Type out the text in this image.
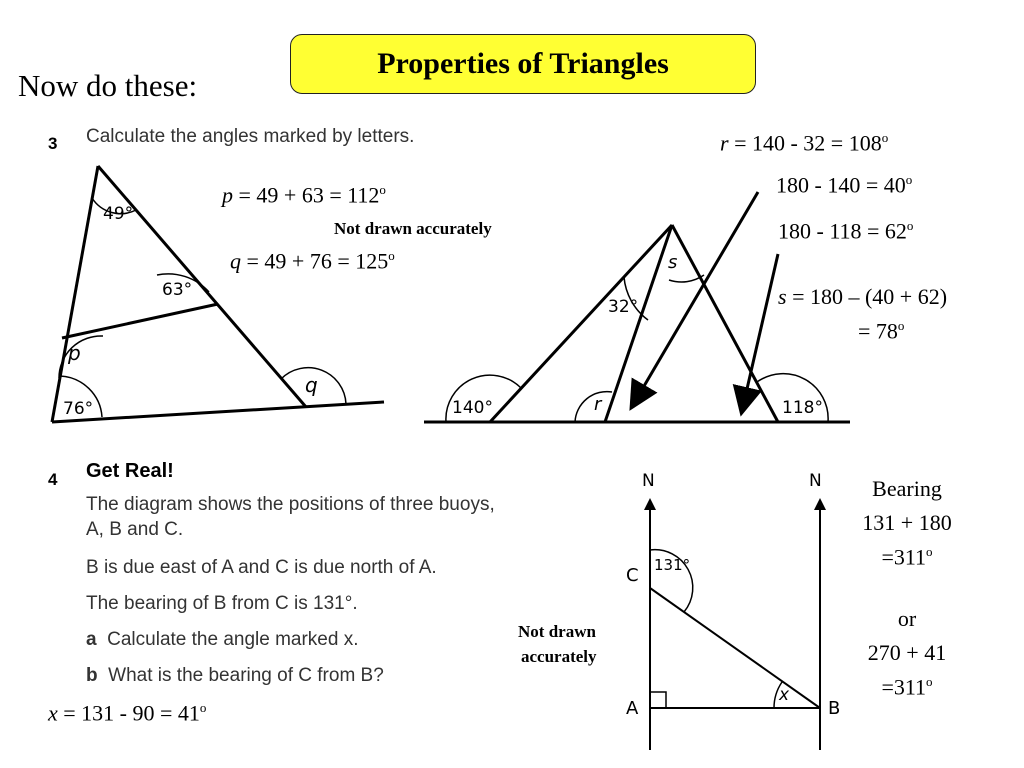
Properties of Triangles
Now do these:
3 Calculate the angles marked by letters.
Not drawn accurately
49°
63°
p
76°
q
s
32°
140°	r	118°
N	N
C
A	B
131°
x
$p = 49 + 63 = 112^o$
$q = 49 + 76 = 125^o$
$r = 140 - 32 = 108^o$
$180 - 140 = 40^o$
$180 - 118 = 62^o$
s = 180 – (40 + 62)
= $78^o$
4 Get Real!
The diagram shows the positions of three buoys,
A, B and C.
B is due east of A and C is due north of A.
The bearing of B from C is 131°.
a Calculate the angle marked x.
b What is the bearing of C from B?
Not drawn
accurately
$x = 131 - 90 = 41^o$
Bearing
131 + 180
$=311^o$
or
270 + 41
$=311^o$
